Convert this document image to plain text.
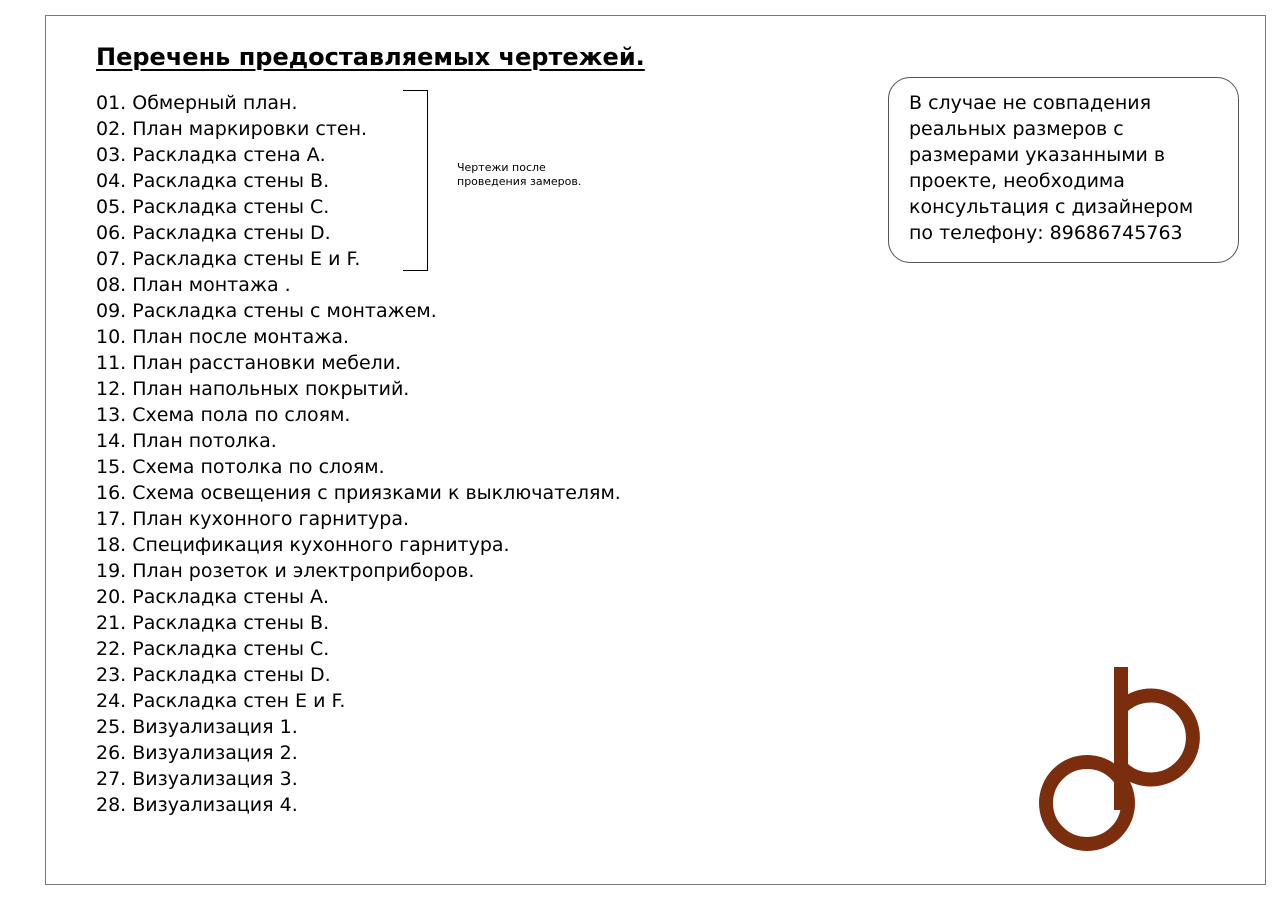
Перечень предоставляемых чертежей.
01. Обмерный план.
02. План маркировки стен.
03. Раскладка стена А.
04. Раскладка стены В.
05. Раскладка стены С.
06. Раскладка стены D.
07. Раскладка стены Е и F.
08. План монтажа .
09. Раскладка стены с монтажем.
10. План после монтажа.
11. План расстановки мебели.
12. План напольных покрытий.
13. Схема пола по слоям.
14. План потолка.
15. Схема потолка по слоям.
16. Схема освещения с приязками к выключателям.
17. План кухонного гарнитура.
18. Спецификация кухонного гарнитура.
19. План розеток и электроприборов.
20. Раскладка стены А.
21. Раскладка стены В.
22. Раскладка стены С.
23. Раскладка стены D.
24. Раскладка стен Е и F.
25. Визуализация 1.
26. Визуализация 2.
27. Визуализация 3.
28. Визуализация 4.
Чертежи после проведения замеров.
В случае не совпадения
реальных размеров с
размерами указанными в
проекте, необходима
консультация с дизайнером
по телефону: 89686745763
